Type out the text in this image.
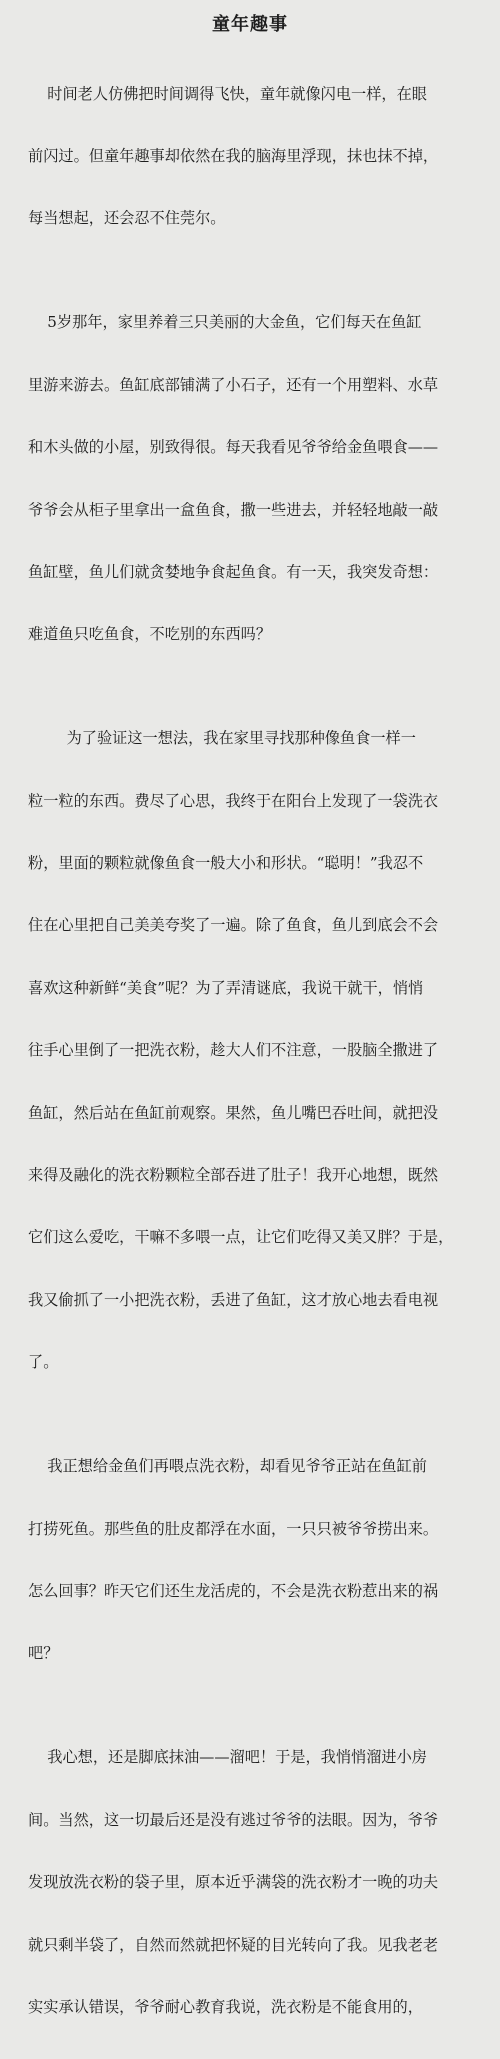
童年趣事

时间老人仿佛把时间调得飞快，童年就像闪电一样，在眼

前闪过。但童年趣事却依然在我的脑海里浮现，抹也抹不掉，

每当想起，还会忍不住莞尔。

5岁那年，家里养着三只美丽的大金鱼，它们每天在鱼缸

里游来游去。鱼缸底部铺满了小石子，还有一个用塑料、水草

和木头做的小屋，别致得很。每天我看见爷爷给金鱼喂食——

爷爷会从柜子里拿出一盒鱼食，撒一些进去，并轻轻地敲一敲

鱼缸壁，鱼儿们就贪婪地争食起鱼食。有一天，我突发奇想：

难道鱼只吃鱼食，不吃别的东西吗？

为了验证这一想法，我在家里寻找那种像鱼食一样一

粒一粒的东西。费尽了心思，我终于在阳台上发现了一袋洗衣

粉，里面的颗粒就像鱼食一般大小和形状。“聪明！”我忍不

住在心里把自己美美夸奖了一遍。除了鱼食，鱼儿到底会不会

喜欢这种新鲜“美食”呢？为了弄清谜底，我说干就干，悄悄

往手心里倒了一把洗衣粉，趁大人们不注意，一股脑全撒进了

鱼缸，然后站在鱼缸前观察。果然，鱼儿嘴巴吞吐间，就把没

来得及融化的洗衣粉颗粒全部吞进了肚子！我开心地想，既然

它们这么爱吃，干嘛不多喂一点，让它们吃得又美又胖？于是，

我又偷抓了一小把洗衣粉，丢进了鱼缸，这才放心地去看电视

了。

我正想给金鱼们再喂点洗衣粉，却看见爷爷正站在鱼缸前

打捞死鱼。那些鱼的肚皮都浮在水面，一只只被爷爷捞出来。

怎么回事？昨天它们还生龙活虎的，不会是洗衣粉惹出来的祸

吧？

我心想，还是脚底抹油——溜吧！于是，我悄悄溜进小房

间。当然，这一切最后还是没有逃过爷爷的法眼。因为，爷爷

发现放洗衣粉的袋子里，原本近乎满袋的洗衣粉才一晚的功夫

就只剩半袋了，自然而然就把怀疑的目光转向了我。见我老老

实实承认错误，爷爷耐心教育我说，洗衣粉是不能食用的，
